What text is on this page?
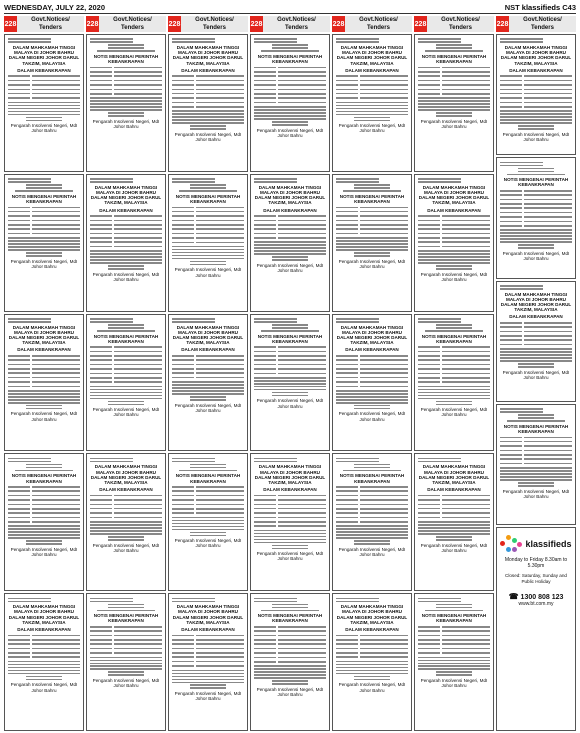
WEDNESDAY, JULY 22, 2020	NST klassifieds C43
228
Govt.Notices/
Tenders	228
Govt.Notices/
Tenders	228
Govt.Notices/
Tenders	228
Govt.Notices/
Tenders	228
Govt.Notices/
Tenders	228
Govt.Notices/
Tenders	228
Govt.Notices/
Tenders
DALAM MAHKAMAH TINGGI MALAYA DI JOHOR BAHRU DALAM NEGERI JOHOR DARUL TAKZIM, MALAYSIA
DALAM KEBANKRAPAN
Pengarah Insolvensi Negeri, MdI Johor Bahru
NOTIS MENGENAI PERINTAH KEBANKRAPAN
Pengarah Insolvensi Negeri, MdI Johor Bahru
DALAM MAHKAMAH TINGGI MALAYA DI JOHOR BAHRU DALAM NEGERI JOHOR DARUL TAKZIM, MALAYSIA
DALAM KEBANKRAPAN
Pengarah Insolvensi Negeri, MdI Johor Bahru
NOTIS MENGENAI PERINTAH KEBANKRAPAN
Pengarah Insolvensi Negeri, MdI Johor Bahru
DALAM MAHKAMAH TINGGI MALAYA DI JOHOR BAHRU DALAM NEGERI JOHOR DARUL TAKZIM, MALAYSIA
DALAM KEBANKRAPAN
Pengarah Insolvensi Negeri, MdI Johor Bahru
NOTIS MENGENAI PERINTAH KEBANKRAPAN
Pengarah Insolvensi Negeri, MdI Johor Bahru
DALAM MAHKAMAH TINGGI MALAYA DI JOHOR BAHRU DALAM NEGERI JOHOR DARUL TAKZIM, MALAYSIA
DALAM KEBANKRAPAN
Pengarah Insolvensi Negeri, MdI Johor Bahru
NOTIS MENGENAI PERINTAH KEBANKRAPAN
Pengarah Insolvensi Negeri, MdI Johor Bahru
DALAM MAHKAMAH TINGGI MALAYA DI JOHOR BAHRU DALAM NEGERI JOHOR DARUL TAKZIM, MALAYSIA
DALAM KEBANKRAPAN
Pengarah Insolvensi Negeri, MdI Johor Bahru
NOTIS MENGENAI PERINTAH KEBANKRAPAN
Pengarah Insolvensi Negeri, MdI Johor Bahru
DALAM MAHKAMAH TINGGI MALAYA DI JOHOR BAHRU DALAM NEGERI JOHOR DARUL TAKZIM, MALAYSIA
DALAM KEBANKRAPAN
Pengarah Insolvensi Negeri, MdI Johor Bahru
NOTIS MENGENAI PERINTAH KEBANKRAPAN
Pengarah Insolvensi Negeri, MdI Johor Bahru
DALAM MAHKAMAH TINGGI MALAYA DI JOHOR BAHRU DALAM NEGERI JOHOR DARUL TAKZIM, MALAYSIA
DALAM KEBANKRAPAN
Pengarah Insolvensi Negeri, MdI Johor Bahru
NOTIS MENGENAI PERINTAH KEBANKRAPAN
Pengarah Insolvensi Negeri, MdI Johor Bahru
DALAM MAHKAMAH TINGGI MALAYA DI JOHOR BAHRU DALAM NEGERI JOHOR DARUL TAKZIM, MALAYSIA
DALAM KEBANKRAPAN
Pengarah Insolvensi Negeri, MdI Johor Bahru
NOTIS MENGENAI PERINTAH KEBANKRAPAN
Pengarah Insolvensi Negeri, MdI Johor Bahru
DALAM MAHKAMAH TINGGI MALAYA DI JOHOR BAHRU DALAM NEGERI JOHOR DARUL TAKZIM, MALAYSIA
DALAM KEBANKRAPAN
Pengarah Insolvensi Negeri, MdI Johor Bahru
NOTIS MENGENAI PERINTAH KEBANKRAPAN
Pengarah Insolvensi Negeri, MdI Johor Bahru
DALAM MAHKAMAH TINGGI MALAYA DI JOHOR BAHRU DALAM NEGERI JOHOR DARUL TAKZIM, MALAYSIA
DALAM KEBANKRAPAN
Pengarah Insolvensi Negeri, MdI Johor Bahru
NOTIS MENGENAI PERINTAH KEBANKRAPAN
Pengarah Insolvensi Negeri, MdI Johor Bahru
DALAM MAHKAMAH TINGGI MALAYA DI JOHOR BAHRU DALAM NEGERI JOHOR DARUL TAKZIM, MALAYSIA
DALAM KEBANKRAPAN
Pengarah Insolvensi Negeri, MdI Johor Bahru
NOTIS MENGENAI PERINTAH KEBANKRAPAN
Pengarah Insolvensi Negeri, MdI Johor Bahru
DALAM MAHKAMAH TINGGI MALAYA DI JOHOR BAHRU DALAM NEGERI JOHOR DARUL TAKZIM, MALAYSIA
DALAM KEBANKRAPAN
Pengarah Insolvensi Negeri, MdI Johor Bahru
NOTIS MENGENAI PERINTAH KEBANKRAPAN
Pengarah Insolvensi Negeri, MdI Johor Bahru
DALAM MAHKAMAH TINGGI MALAYA DI JOHOR BAHRU DALAM NEGERI JOHOR DARUL TAKZIM, MALAYSIA
DALAM KEBANKRAPAN
Pengarah Insolvensi Negeri, MdI Johor Bahru
NOTIS MENGENAI PERINTAH KEBANKRAPAN
Pengarah Insolvensi Negeri, MdI Johor Bahru
DALAM MAHKAMAH TINGGI MALAYA DI JOHOR BAHRU DALAM NEGERI JOHOR DARUL TAKZIM, MALAYSIA
DALAM KEBANKRAPAN
Pengarah Insolvensi Negeri, MdI Johor Bahru
NOTIS MENGENAI PERINTAH KEBANKRAPAN
Pengarah Insolvensi Negeri, MdI Johor Bahru
DALAM MAHKAMAH TINGGI MALAYA DI JOHOR BAHRU DALAM NEGERI JOHOR DARUL TAKZIM, MALAYSIA
DALAM KEBANKRAPAN
Pengarah Insolvensi Negeri, MdI Johor Bahru
NOTIS MENGENAI PERINTAH KEBANKRAPAN
Pengarah Insolvensi Negeri, MdI Johor Bahru
DALAM MAHKAMAH TINGGI MALAYA DI JOHOR BAHRU DALAM NEGERI JOHOR DARUL TAKZIM, MALAYSIA
DALAM KEBANKRAPAN
Pengarah Insolvensi Negeri, MdI Johor Bahru
NOTIS MENGENAI PERINTAH KEBANKRAPAN
Pengarah Insolvensi Negeri, MdI Johor Bahru
DALAM MAHKAMAH TINGGI MALAYA DI JOHOR BAHRU DALAM NEGERI JOHOR DARUL TAKZIM, MALAYSIA
DALAM KEBANKRAPAN
Pengarah Insolvensi Negeri, MdI Johor Bahru
NOTIS MENGENAI PERINTAH KEBANKRAPAN
Pengarah Insolvensi Negeri, MdI Johor Bahru
klassifieds
Monday to Friday 8.30am to 5.30pm
Closed: Saturday, Sunday and Public Holiday
☎ 1300 808 123
www.bt.com.my
